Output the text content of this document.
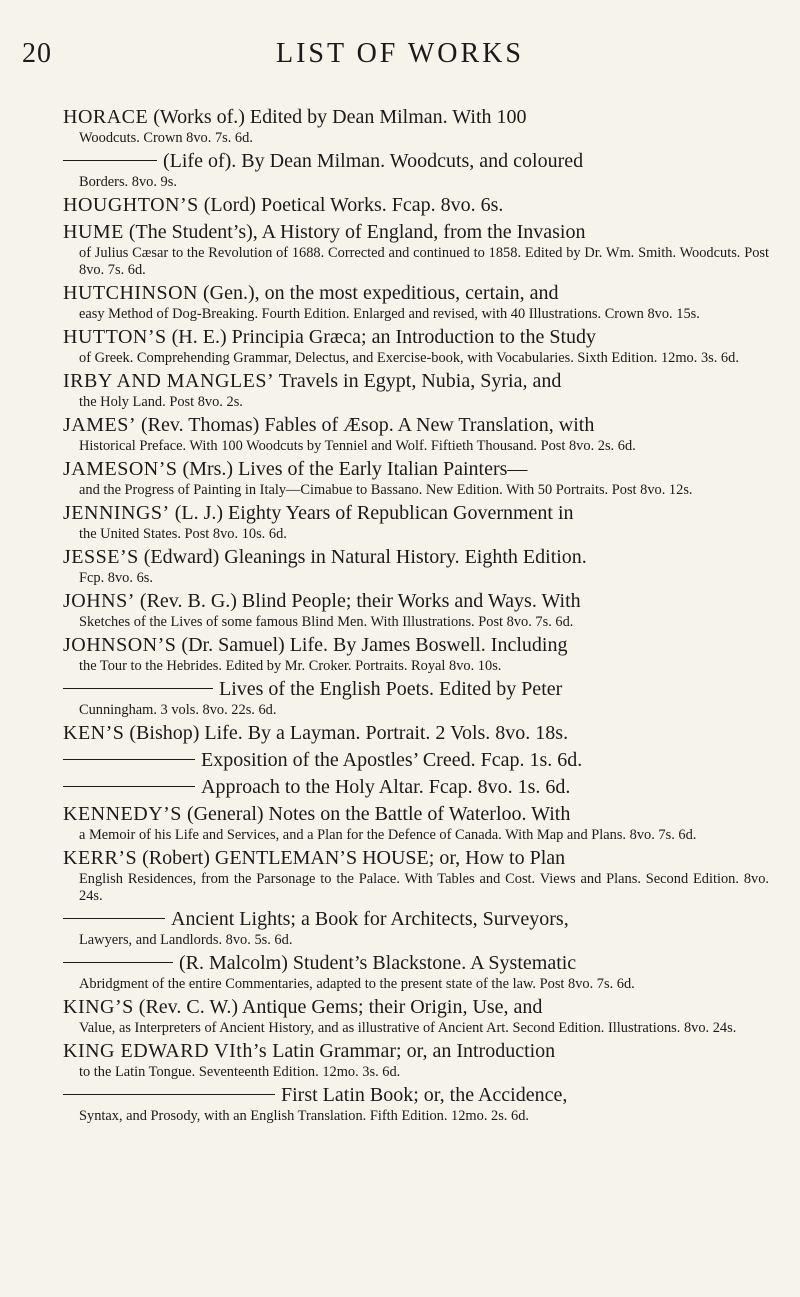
20	LIST OF WORKS
HORACE (Works of.) Edited by Dean Milman. With 100
Woodcuts. Crown 8vo. 7s. 6d.
(Life of). By Dean Milman. Woodcuts, and coloured
Borders. 8vo. 9s.
HOUGHTON’S (Lord) Poetical Works. Fcap. 8vo. 6s.
HUME (The Student’s), A History of England, from the Invasion
of Julius Cæsar to the Revolution of 1688. Corrected and continued to 1858. Edited by Dr. Wm. Smith. Woodcuts. Post 8vo. 7s. 6d.
HUTCHINSON (Gen.), on the most expeditious, certain, and
easy Method of Dog-Breaking. Fourth Edition. Enlarged and revised, with 40 Illustrations. Crown 8vo. 15s.
HUTTON’S (H. E.) Principia Græca; an Introduction to the Study
of Greek. Comprehending Grammar, Delectus, and Exercise-book, with Vocabularies. Sixth Edition. 12mo. 3s. 6d.
IRBY AND MANGLES’ Travels in Egypt, Nubia, Syria, and
the Holy Land. Post 8vo. 2s.
JAMES’ (Rev. Thomas) Fables of Æsop. A New Translation, with
Historical Preface. With 100 Woodcuts by Tenniel and Wolf. Fiftieth Thousand. Post 8vo. 2s. 6d.
JAMESON’S (Mrs.) Lives of the Early Italian Painters—
and the Progress of Painting in Italy—Cimabue to Bassano. New Edition. With 50 Portraits. Post 8vo. 12s.
JENNINGS’ (L. J.) Eighty Years of Republican Government in
the United States. Post 8vo. 10s. 6d.
JESSE’S (Edward) Gleanings in Natural History. Eighth Edition.
Fcp. 8vo. 6s.
JOHNS’ (Rev. B. G.) Blind People; their Works and Ways. With
Sketches of the Lives of some famous Blind Men. With Illustrations. Post 8vo. 7s. 6d.
JOHNSON’S (Dr. Samuel) Life. By James Boswell. Including
the Tour to the Hebrides. Edited by Mr. Croker. Portraits. Royal 8vo. 10s.
Lives of the English Poets. Edited by Peter
Cunningham. 3 vols. 8vo. 22s. 6d.
KEN’S (Bishop) Life. By a Layman. Portrait. 2 Vols. 8vo. 18s.
Exposition of the Apostles’ Creed. Fcap. 1s. 6d.
Approach to the Holy Altar. Fcap. 8vo. 1s. 6d.
KENNEDY’S (General) Notes on the Battle of Waterloo. With
a Memoir of his Life and Services, and a Plan for the Defence of Canada. With Map and Plans. 8vo. 7s. 6d.
KERR’S (Robert) GENTLEMAN’S HOUSE; or, How to Plan
English Residences, from the Parsonage to the Palace. With Tables and Cost. Views and Plans. Second Edition. 8vo. 24s.
Ancient Lights; a Book for Architects, Surveyors,
Lawyers, and Landlords. 8vo. 5s. 6d.
(R. Malcolm) Student’s Blackstone. A Systematic
Abridgment of the entire Commentaries, adapted to the present state of the law. Post 8vo. 7s. 6d.
KING’S (Rev. C. W.) Antique Gems; their Origin, Use, and
Value, as Interpreters of Ancient History, and as illustrative of Ancient Art. Second Edition. Illustrations. 8vo. 24s.
KING EDWARD VIth’s Latin Grammar; or, an Introduction
to the Latin Tongue. Seventeenth Edition. 12mo. 3s. 6d.
First Latin Book; or, the Accidence,
Syntax, and Prosody, with an English Translation. Fifth Edition. 12mo. 2s. 6d.
